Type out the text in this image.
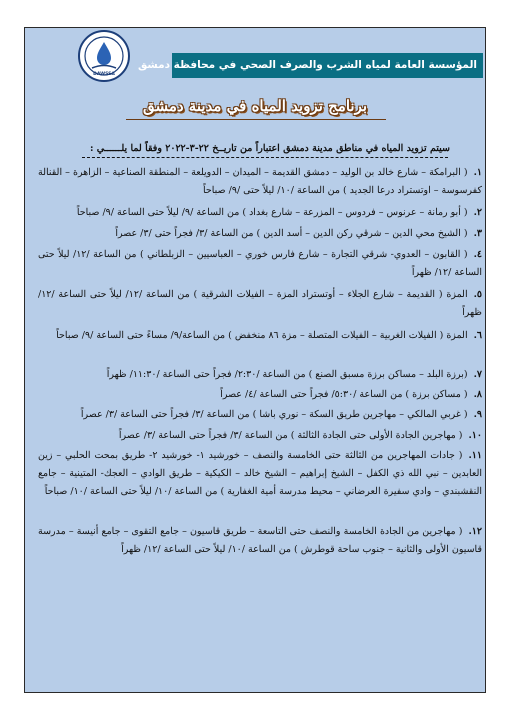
DAWSSA
المؤسسة العامة لمياه الشرب والصرف الصحي في محافظة دمشق
برنامج تزويد المياه في مدينة دمشق
سيتم تزويد المياه في مناطق مدينة دمشق اعتباراً من تاريــخ ٢٢-٣-٢٠٢٢ وفقاً لما يلــــــي :
١.( البرامكة – شارع خالد بن الوليد – دمشق القديمة – الميدان – الدويلعة – المنطقة الصناعية – الزاهرة – القنالة كفرسوسة – اوتستراد درعا الجديد ) من الساعة /١٠/ ليلاً حتى /٩/ صباحاً
٢.( أبو رمانة – عرنوس – فردوس – المزرعة – شارع بغداد ) من الساعة /٩/ ليلاً حتى الساعة /٩/ صباحاً
٣.( الشيخ محي الدين – شرقي ركن الدين – أسد الدين ) من الساعة /٣/ فجراً حتى /٣/ عصراً
٤.( القابون – العدوي- شرقي التجارة – شارع فارس خوري – العباسيين – الزبلطاني ) من الساعة /١٢/ ليلاً حتى الساعة /١٢/ ظهراً
٥.المزة ( القديمة – شارع الجلاء – أوتستراد المزة – الفيلات الشرقية ) من الساعة /١٢/ ليلاً حتى الساعة /١٢/ ظهراً
٦.المزة ( الفيلات الغربية – الفيلات المتصلة – مزة ٨٦ منخفض ) من الساعة/٩/ مساءً حتى الساعة /٩/ صباحاً
٧.(برزة البلد – مساكن برزة مسبق الصنع ) من الساعة /٢:٣٠/ فجراً حتى الساعة /١١:٣٠/ ظهراً
٨.( مساكن برزة ) من الساعة /٥:٣٠/ فجراً حتى الساعة /٤/ عصراً
٩.( غربي المالكي – مهاجرين طريق السكة – نوري باشا ) من الساعة /٣/ فجراً حتى الساعة /٣/ عصراً
١٠.( مهاجرين الجادة الأولى حتى الجادة الثالثة ) من الساعة /٣/ فجراً حتى الساعة /٣/ عصراً
١١.( جادات المهاجرين من الثالثة حتى الخامسة والنصف – خورشيد ١- خورشيد ٢- طريق بمحت الحلبي – زين العابدين – نبي الله ذي الكفل – الشيخ إبراهيم – الشيخ خالد – الكيكية – طريق الوادي – العجك- المتينية – جامع النقشبندي – وادي سفيرة العرضاني – محيط مدرسة أمية الغفارية ) من الساعة /١٠/ ليلاً حتى الساعة /١٠/ صباحاً
١٢.( مهاجرين من الجادة الخامسة والنصف حتى التاسعة – طريق قاسيون – جامع التقوى – جامع أنيسة – مدرسة قاسيون الأولى والثانية – جنوب ساحة قوطرش ) من الساعة /١٠/ ليلاً حتى الساعة /١٢/ ظهراً
